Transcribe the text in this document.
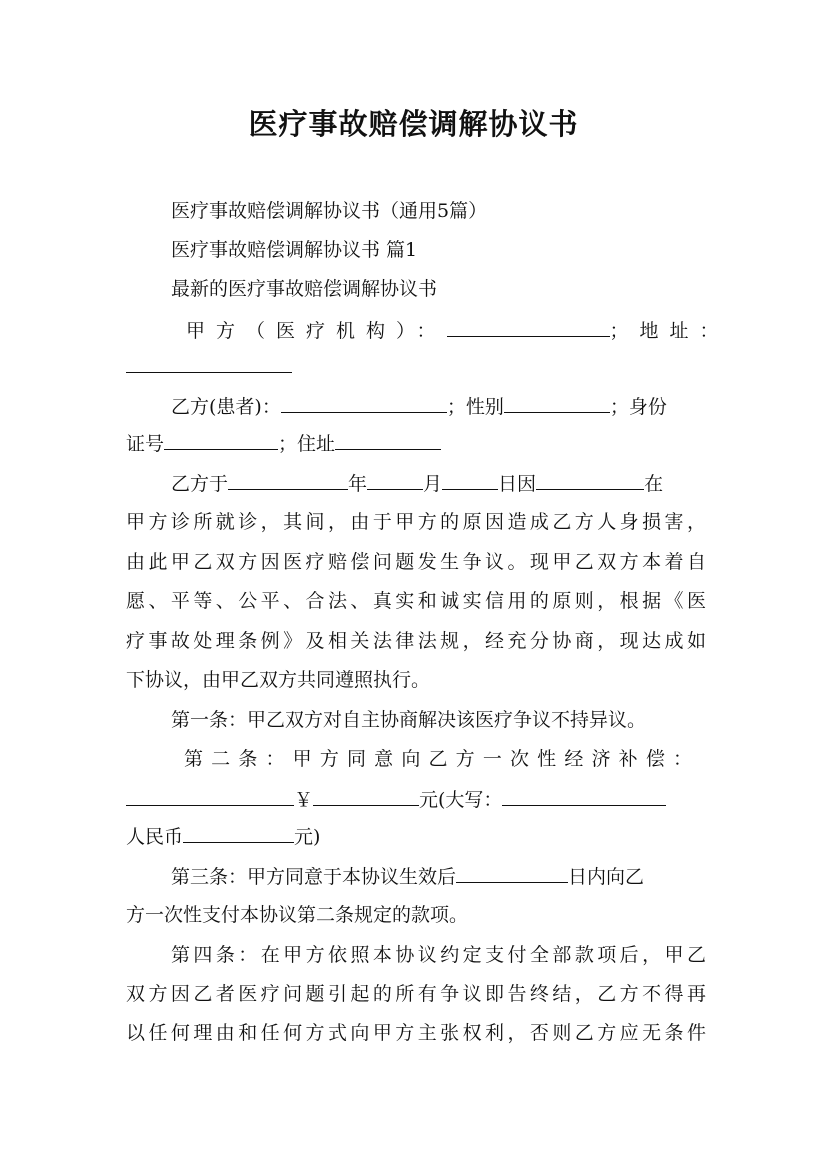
医疗事故赔偿调解协议书
医疗事故赔偿调解协议书（通用5篇）
医疗事故赔偿调解协议书 篇1
最新的医疗事故赔偿调解协议书
甲方（医疗机构）：	；地址：
乙方(患者)：	；性别	；身份
证号	；住址
乙方于	年	月	日因	在
甲方诊所就诊，其间，由于甲方的原因造成乙方人身损害，
由此甲乙双方因医疗赔偿问题发生争议。现甲乙双方本着自
愿、平等、公平、合法、真实和诚实信用的原则，根据《医
疗事故处理条例》及相关法律法规，经充分协商，现达成如
下协议，由甲乙双方共同遵照执行。
第一条：甲乙双方对自主协商解决该医疗争议不持异议。
第二条：甲方同意向乙方一次性经济补偿：
￥	元(大写：
人民币	元)
第三条：甲方同意于本协议生效后	日内向乙
方一次性支付本协议第二条规定的款项。
第四条：在甲方依照本协议约定支付全部款项后，甲乙
双方因乙者医疗问题引起的所有争议即告终结，乙方不得再
以任何理由和任何方式向甲方主张权利，否则乙方应无条件
